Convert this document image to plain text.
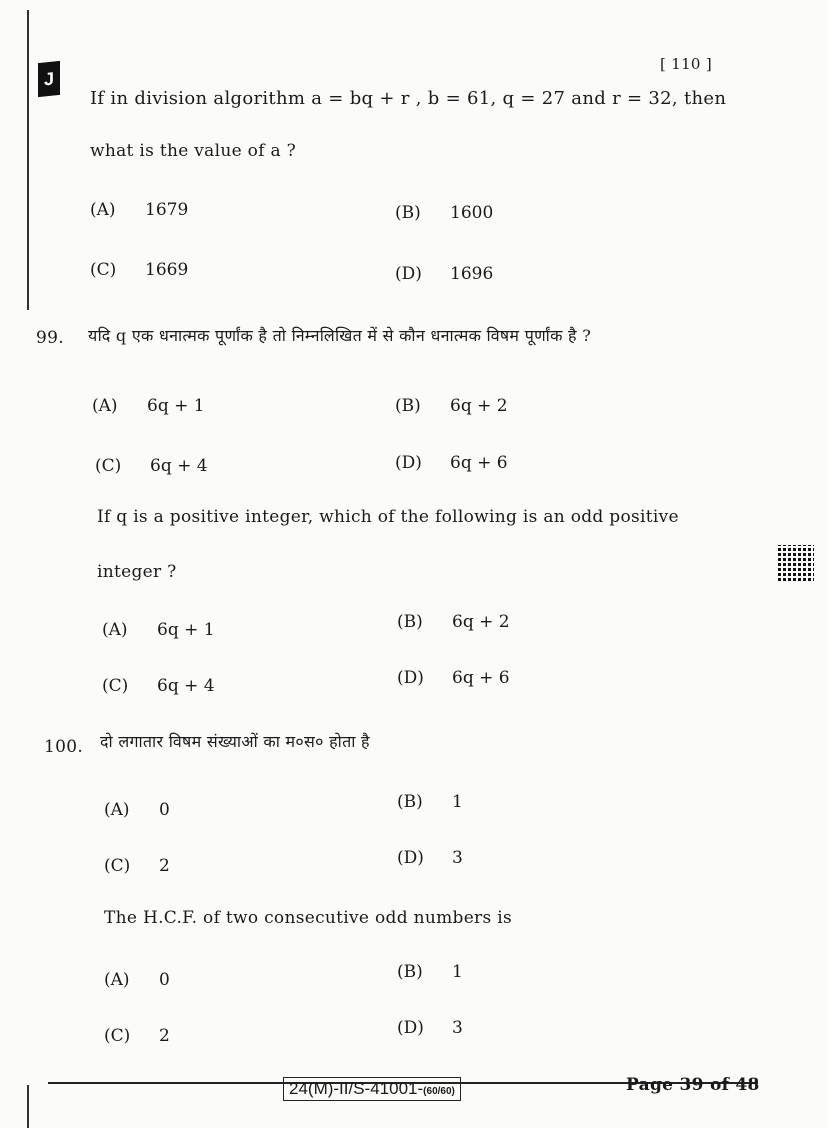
J
[ 110 ]
If in division algorithm a = bq + r , b = 61, q = 27 and r = 32, then
what is the value of a ?
(A) 1679	(B) 1600
(C) 1669	(D) 1696
99. यदि q एक धनात्मक पूर्णांक है तो निम्नलिखित में से कौन धनात्मक विषम पूर्णांक है ?
(A) 6q + 1	(B) 6q + 2
(C) 6q + 4	(D) 6q + 6
If q is a positive integer, which of the following is an odd positive
integer ?
(A) 6q + 1	(B) 6q + 2
(C) 6q + 4	(D) 6q + 6
100. दो लगातार विषम संख्याओं का म०स० होता है
(A) 0	(B) 1
(C) 2	(D) 3
The H.C.F. of two consecutive odd numbers is
(A) 0	(B) 1
(C) 2	(D) 3
24(M)-II/S-41001-(60/60)	Page 39 of 48
